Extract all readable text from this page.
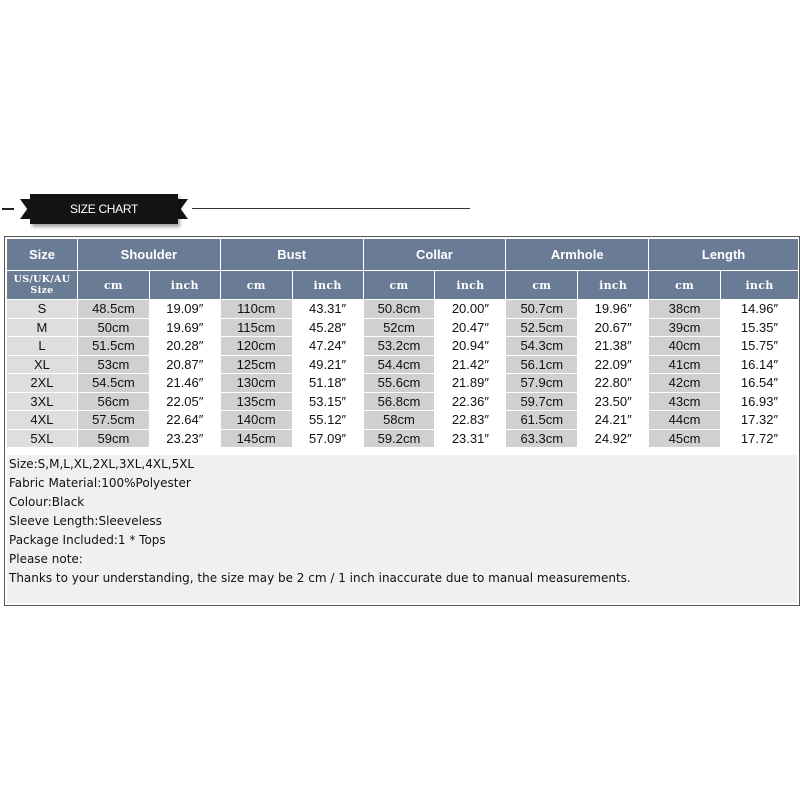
SIZE CHART
Size	Shoulder		Bust		Collar		Armhole		Length	
US/UK/AU
Size	cm	inch	cm	inch	cm	inch	cm	inch	cm	inch
S	48.5cm	19.09″	110cm	43.31″	50.8cm	20.00″	50.7cm	19.96″	38cm	14.96″
M	50cm	19.69″	115cm	45.28″	52cm	20.47″	52.5cm	20.67″	39cm	15.35″
L	51.5cm	20.28″	120cm	47.24″	53.2cm	20.94″	54.3cm	21.38″	40cm	15.75″
XL	53cm	20.87″	125cm	49.21″	54.4cm	21.42″	56.1cm	22.09″	41cm	16.14″
2XL	54.5cm	21.46″	130cm	51.18″	55.6cm	21.89″	57.9cm	22.80″	42cm	16.54″
3XL	56cm	22.05″	135cm	53.15″	56.8cm	22.36″	59.7cm	23.50″	43cm	16.93″
4XL	57.5cm	22.64″	140cm	55.12″	58cm	22.83″	61.5cm	24.21″	44cm	17.32″
5XL	59cm	23.23″	145cm	57.09″	59.2cm	23.31″	63.3cm	24.92″	45cm	17.72″
Size:S,M,L,XL,2XL,3XL,4XL,5XL
Fabric Material:100%Polyester
Colour:Black
Sleeve Length:Sleeveless
Package Included:1 * Tops
Please note:
Thanks to your understanding, the size may be 2 cm / 1 inch inaccurate due to manual measurements.
